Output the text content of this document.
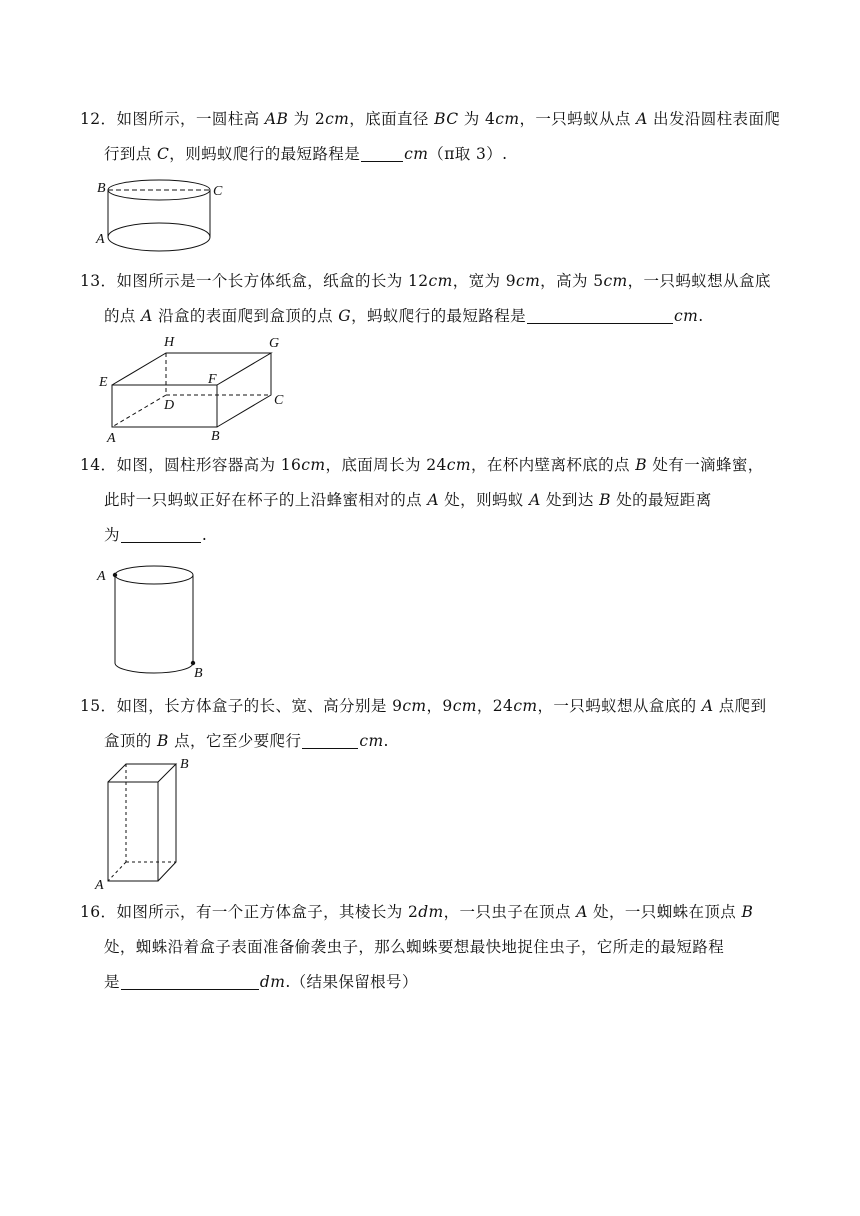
12．如图所示，一圆柱高 AB 为 2cm，底面直径 BC 为 4cm，一只蚂蚁从点 A 出发沿圆柱表面爬
行到点 C，则蚂蚁爬行的最短路程是	cm（π取 3）.
B	C
A
13．如图所示是一个长方体纸盒，纸盒的长为 12cm，宽为 9cm，高为 5cm，一只蚂蚁想从盒底
的点 A 沿盒的表面爬到盒顶的点 G，蚂蚁爬行的最短路程是	cm.
H	G
E	F
D	C
A	B
14．如图，圆柱形容器高为 16cm，底面周长为 24cm，在杯内壁离杯底的点 B 处有一滴蜂蜜，
此时一只蚂蚁正好在杯子的上沿蜂蜜相对的点 A 处，则蚂蚁 A 处到达 B 处的最短距离
为	.
A
B
15．如图，长方体盒子的长、宽、高分别是 9cm，9cm，24cm，一只蚂蚁想从盒底的 A 点爬到
盒顶的 B 点，它至少要爬行	cm.
B
A
16．如图所示，有一个正方体盒子，其棱长为 2dm，一只虫子在顶点 A 处，一只蜘蛛在顶点 B
处，蜘蛛沿着盒子表面准备偷袭虫子，那么蜘蛛要想最快地捉住虫子，它所走的最短路程
是	dm.（结果保留根号）
